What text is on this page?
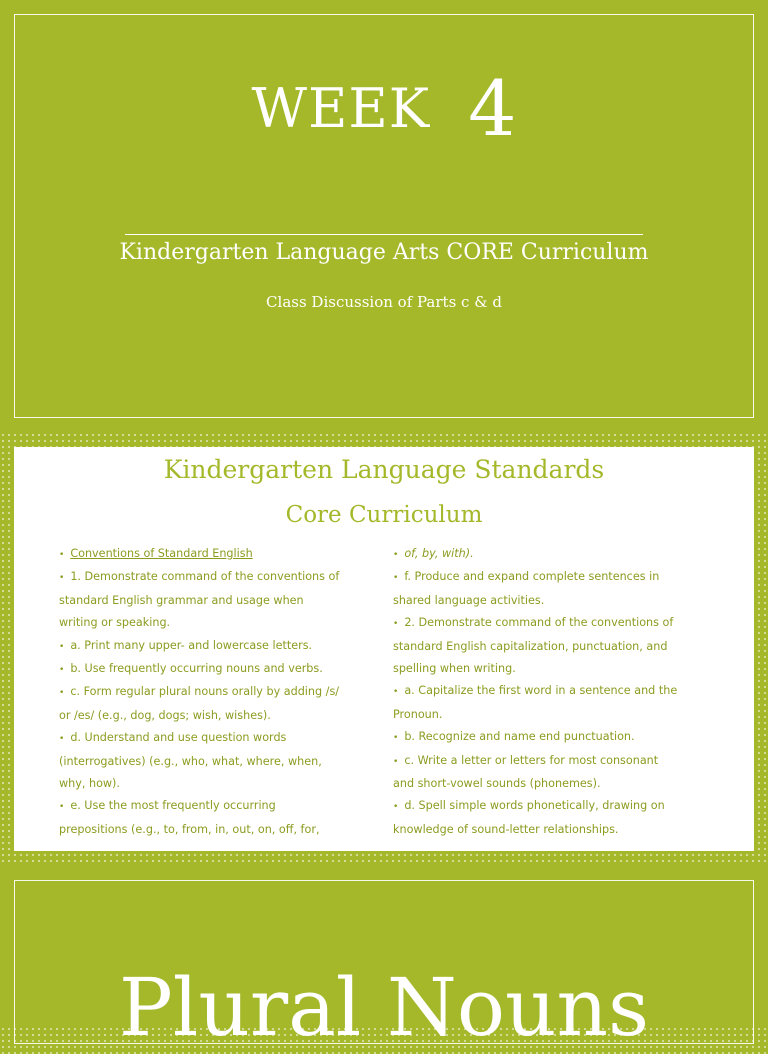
WEEK 4
Kindergarten Language Arts CORE Curriculum
Class Discussion of Parts c & d
Kindergarten Language Standards
Core Curriculum
• Conventions of Standard English
• 1. Demonstrate command of the conventions of
standard English grammar and usage when
writing or speaking.
• a. Print many upper- and lowercase letters.
• b. Use frequently occurring nouns and verbs.
• c. Form regular plural nouns orally by adding /s/
or /es/ (e.g., dog, dogs; wish, wishes).
• d. Understand and use question words
(interrogatives) (e.g., who, what, where, when,
why, how).
• e. Use the most frequently occurring
prepositions (e.g., to, from, in, out, on, off, for,
• of, by, with).
• f. Produce and expand complete sentences in
shared language activities.
• 2. Demonstrate command of the conventions of
standard English capitalization, punctuation, and
spelling when writing.
• a. Capitalize the first word in a sentence and the
Pronoun.
• b. Recognize and name end punctuation.
• c. Write a letter or letters for most consonant
and short-vowel sounds (phonemes).
• d. Spell simple words phonetically, drawing on
knowledge of sound-letter relationships.
Plural Nouns
